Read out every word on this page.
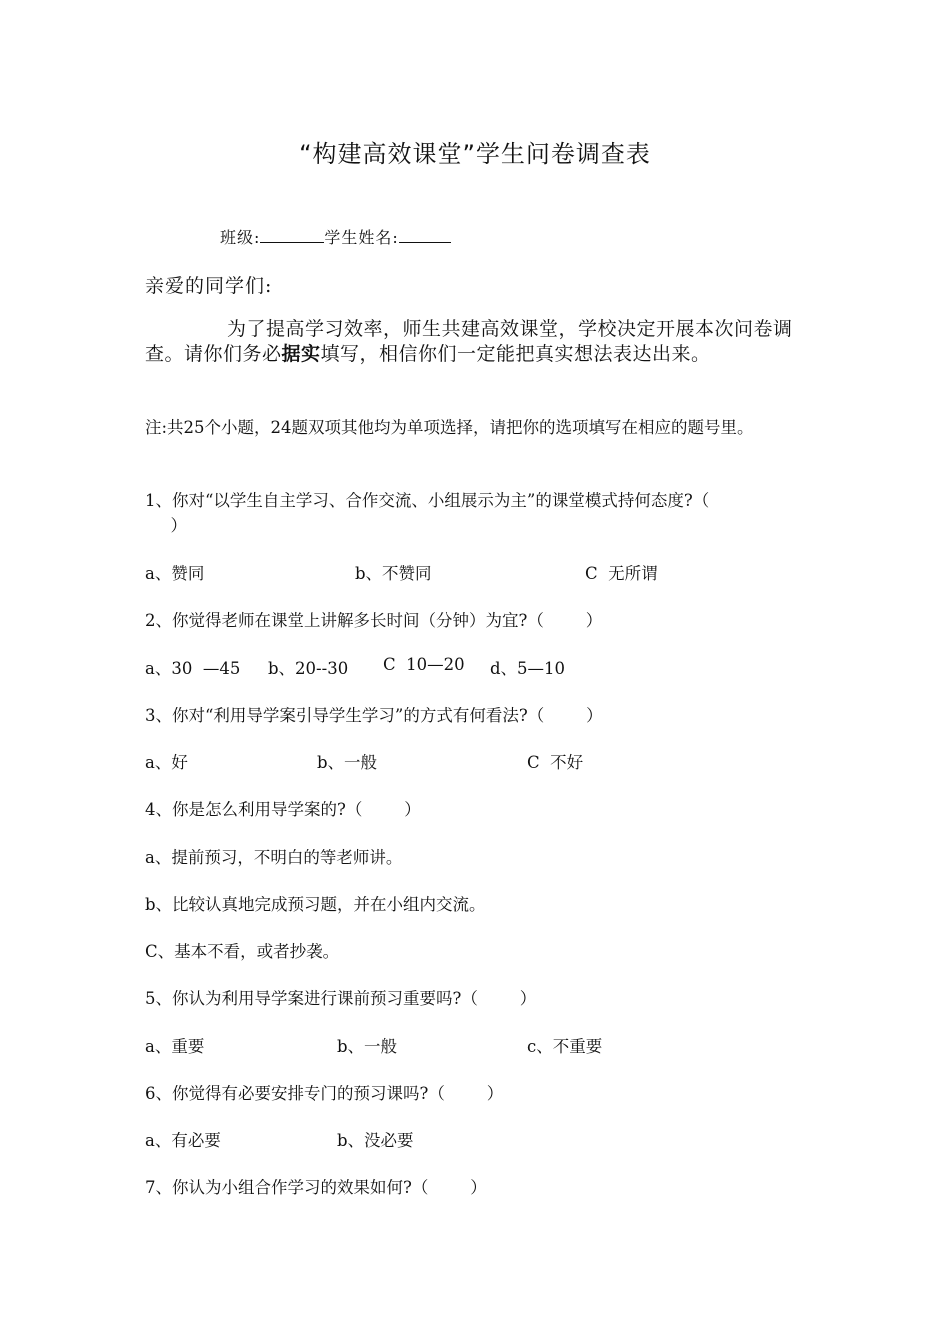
“构建高效课堂”学生问卷调查表
班级:	学生姓名:
亲爱的同学们:

为了提高学习效率，师生共建高效课堂，学校决定开展本次问卷调查。请你们务必据实填写，相信你们一定能把真实想法表达出来。

注:共25个小题，24题双项其他均为单项选择，请把你的选项填写在相应的题号里。

1、你对“以学生自主学习、合作交流、小组展示为主”的课堂模式持何态度?（
）
a、赞同	b、不赞同	C  无所谓
2、你觉得老师在课堂上讲解多长时间（分钟）为宜?（        ）
a、30  —45 b、20--30 C  10—20 d、5—10
3、你对“利用导学案引导学生学习”的方式有何看法?（        ）
a、好	b、一般	C  不好
4、你是怎么利用导学案的?（        ）
a、提前预习，不明白的等老师讲。
b、比较认真地完成预习题，并在小组内交流。
C、基本不看，或者抄袭。
5、你认为利用导学案进行课前预习重要吗?（        ）
a、重要	b、一般	c、不重要
6、你觉得有必要安排专门的预习课吗?（        ）
a、有必要	b、没必要
7、你认为小组合作学习的效果如何?（        ）
